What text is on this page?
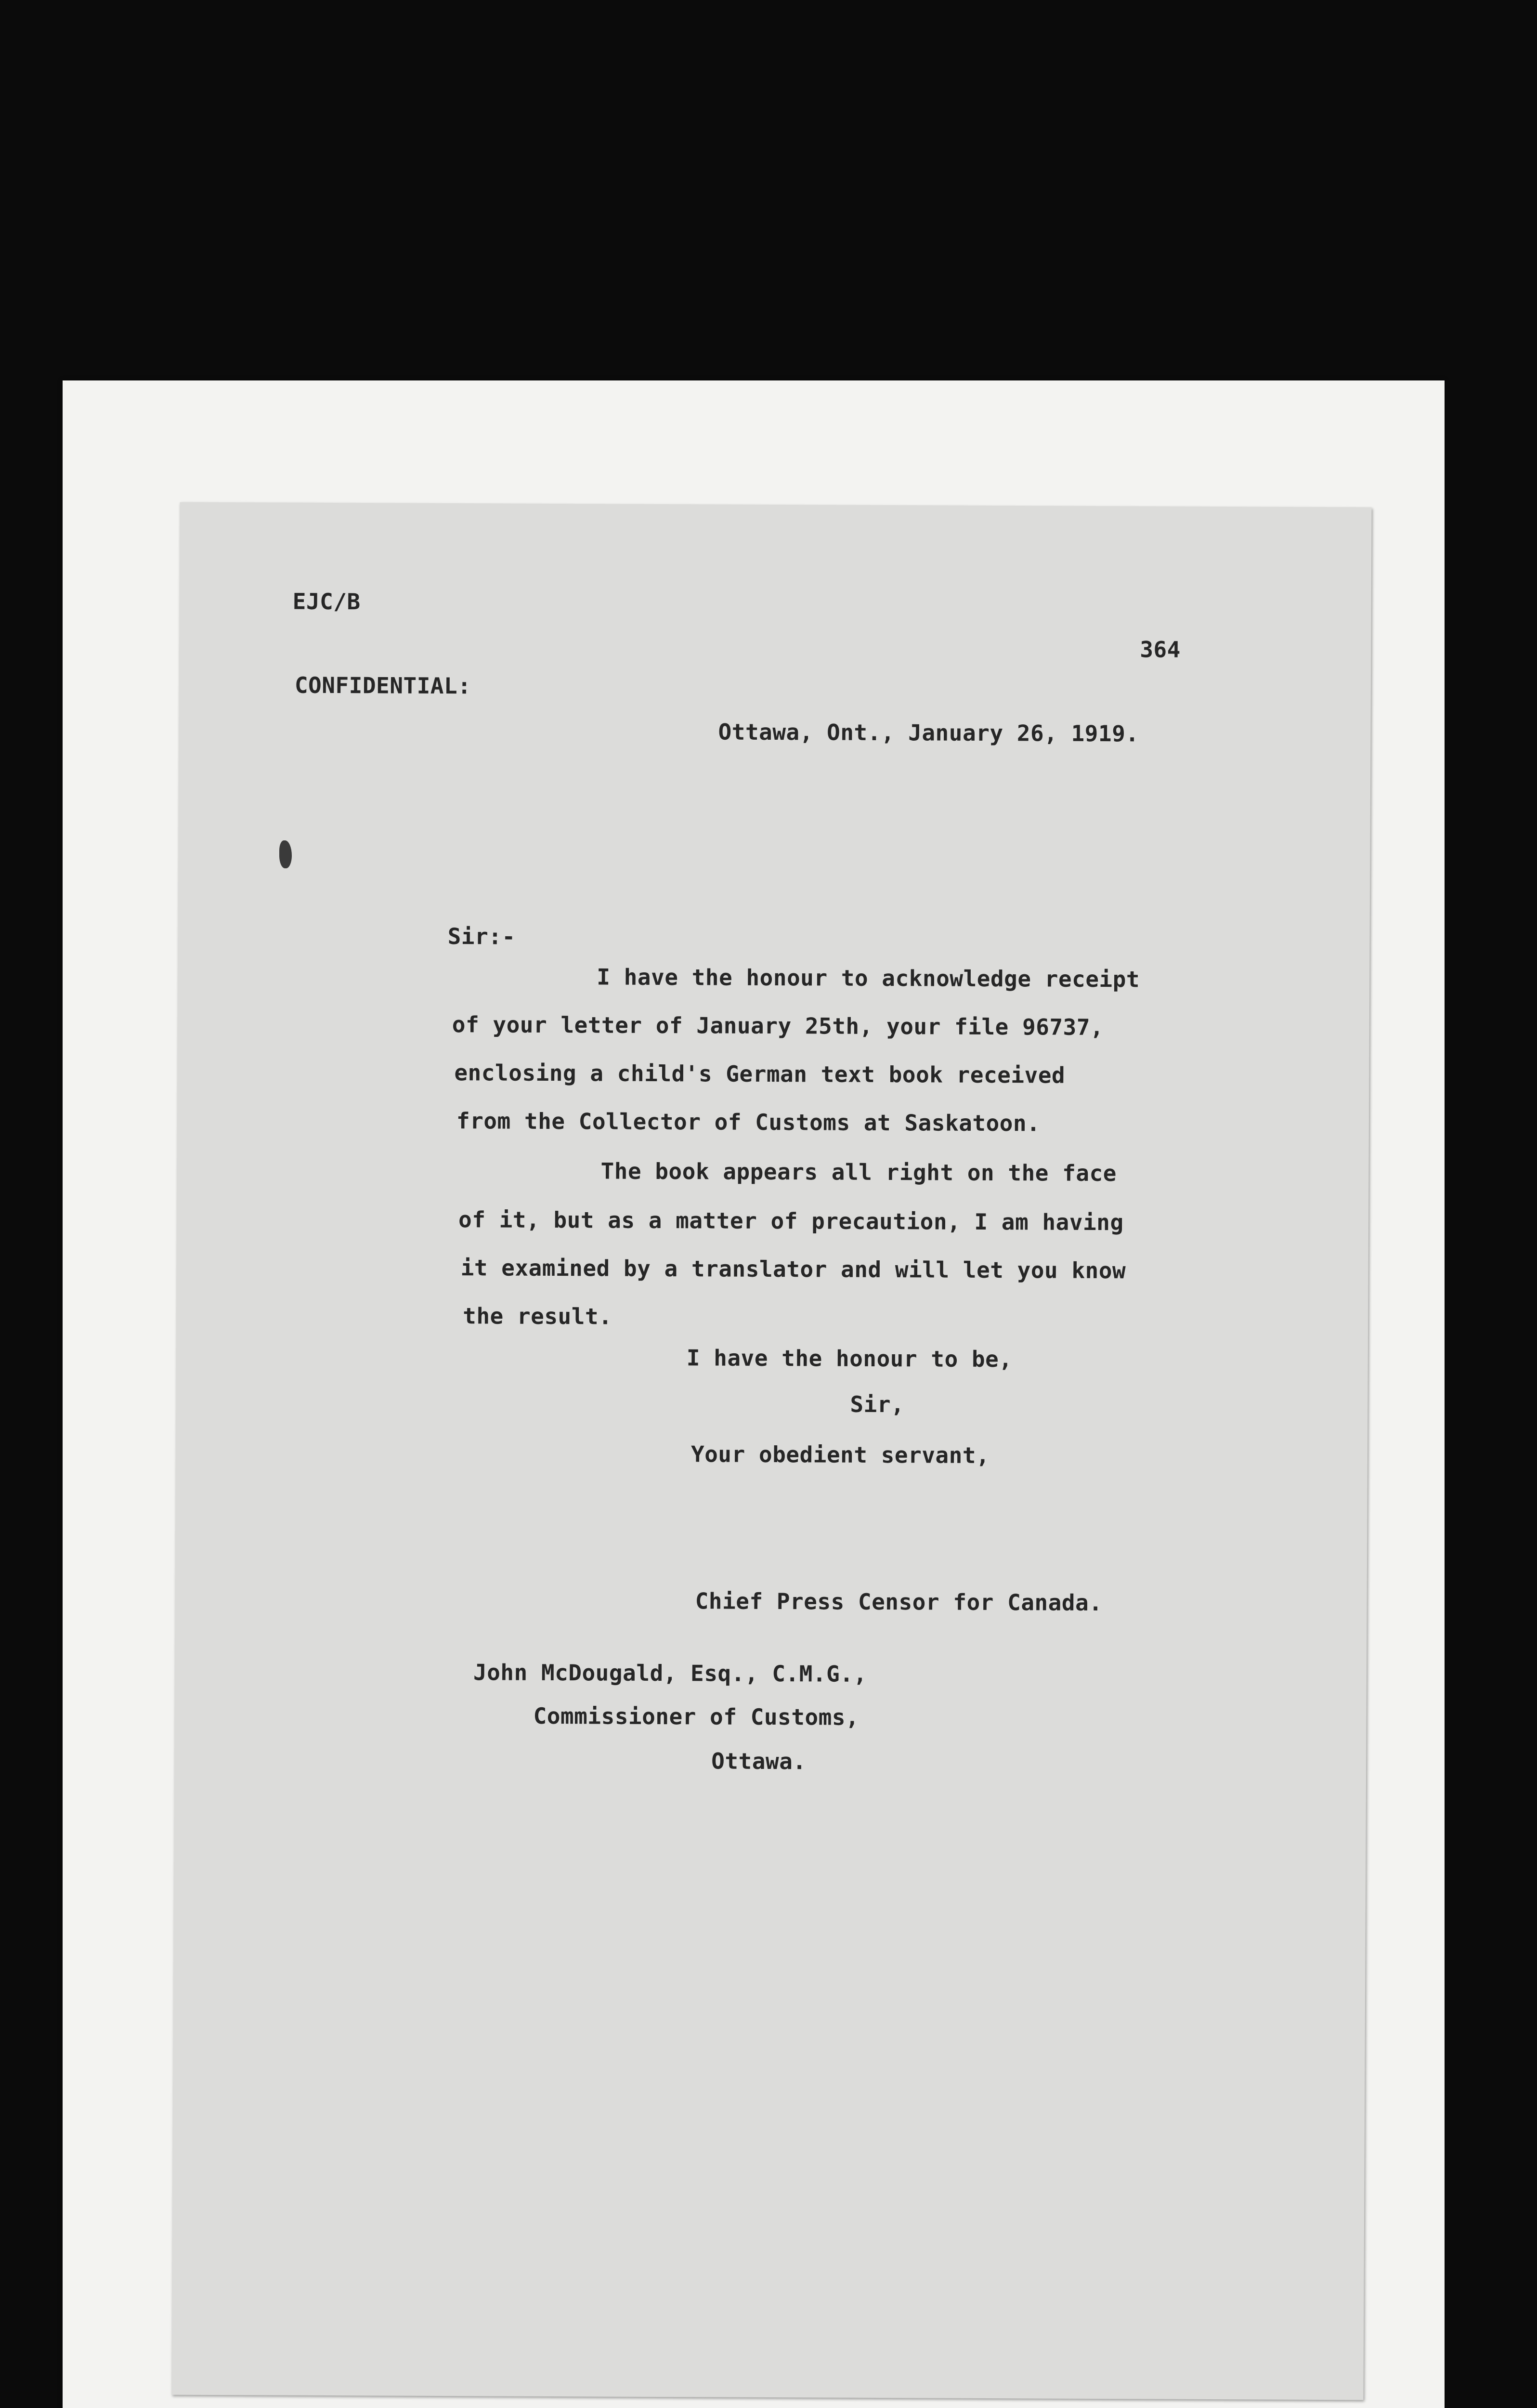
EJC/B
364
CONFIDENTIAL:
Ottawa, Ont., January 26, 1919.
Sir:-
I have the honour to acknowledge receipt
of your letter of January 25th, your file 96737,
enclosing a child's German text book received
from the Collector of Customs at Saskatoon.
The book appears all right on the face
of it, but as a matter of precaution, I am having
it examined by a translator and will let you know
the result.
I have the honour to be,
Sir,
Your obedient servant,
Chief Press Censor for Canada.
John McDougald, Esq., C.M.G.,
Commissioner of Customs,
Ottawa.
